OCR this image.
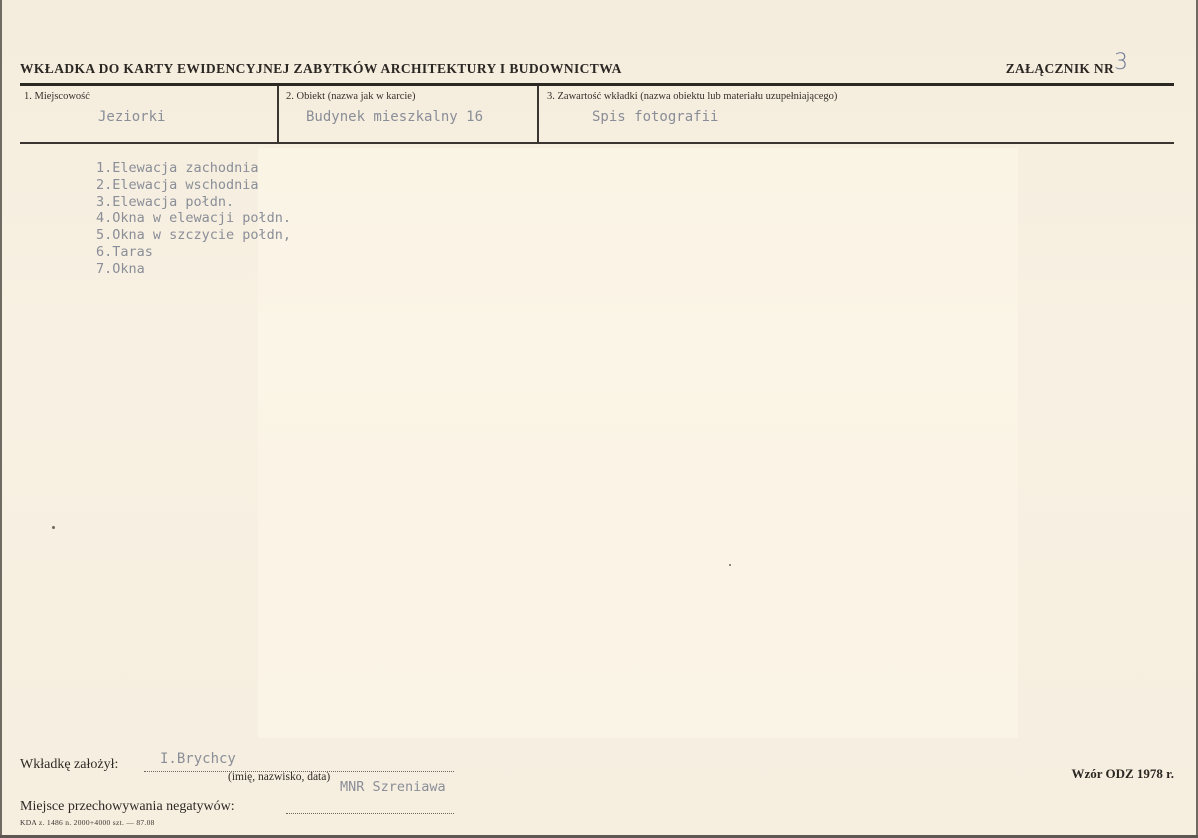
WKŁADKA DO KARTY EWIDENCYJNEJ ZABYTKÓW ARCHITEKTURY I BUDOWNICTWA	ZAŁĄCZNIK NR 3
1. Miejscowość
Jeziorki
2. Obiekt (nazwa jak w karcie)
Budynek mieszkalny 16
3. Zawartość wkładki (nazwa obiektu lub materiału uzupełniającego)
Spis fotografii
1.Elewacja zachodnia
2.Elewacja wschodnia
3.Elewacja połdn.
4.Okna w elewacji połdn.
5.Okna w szczycie połdn,
6.Taras
7.Okna
Wkładkę założył:	I.Brychcy
(imię, nazwisko, data)
Miejsce przechowywania negatywów:
MNR Szreniawa
Wzór ODZ 1978 r.
KDA z. 1486 n. 2000+4000 szt. — 87.08
